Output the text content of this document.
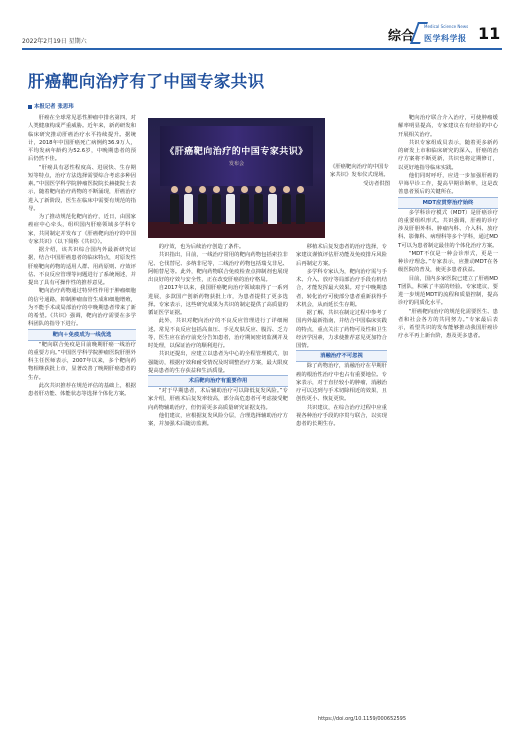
2022年2月19日 星期六	综合
Medical Science News
医学科学报 11
肝癌靶向治疗有了中国专家共识
本报记者 张思玮

肝癌在全球常见恶性肿瘤中排名第四，对人类健康构成严重威胁。近年来，新药研发和临床研究推动肝癌治疗水平持续提升。据统计，2018年中国肝癌死亡病例约36.9万人，平均发病年龄约为52.6岁，中晚期患者的预后仍然不佳。

“肝癌具有恶性程度高、进展快、生存期短等特点，治疗方法选择需要综合考虑多种因素。”中国医学科学院肿瘤医院院长赫捷院士表示，随着靶向治疗药物的不断涌现，肝癌治疗进入了新阶段，医生在临床中需要有规范的指导。

为了推动规范化靶向治疗，近日，由国家癌症中心牵头，组织国内肝癌领域多学科专家，共同制定并发布了《肝癌靶向治疗的中国专家共识》（以下简称《共识》）。

据介绍，该共识综合国内外最新研究证据，结合中国肝癌患者的临床特点，对原发性肝癌靶向药物的适用人群、用药原则、疗效评估、不良反应管理等问题进行了系统阐述，并提出了具有可操作性的推荐意见。

靶向治疗药物通过特异性作用于肿瘤细胞的信号通路，抑制肿瘤血管生成和细胞增殖，为不能手术或局部治疗的中晚期患者带来了新的希望。《共识》强调，靶向治疗需要在多学科团队的指导下进行。

靶向＋免疫成为一线优选

“靶向联合免疫是目前晚期肝癌一线治疗的重要方向。”中国医学科学院肿瘤医院肝胆外科主任医师表示，2007年以来，多个靶向药物相继获批上市，显著改善了晚期肝癌患者的生存。

此次共识推荐在规范评估的基础上，根据患者肝功能、体能状态等选择个体化方案。

《肝癌靶向治疗的中国专家共识》
发布会	《肝癌靶向治疗的中国专家共识》发布仪式现场。
受访者供图

的疗效，也为后续治疗创造了条件。

共识指出，目前，一线治疗常用的靶向药物包括索拉非尼、仑伐替尼、多纳非尼等，二线治疗药物包括瑞戈非尼、阿帕替尼等。此外，靶向药物联合免疫检查点抑制剂也展现出良好的疗效与安全性，正在改变肝癌的治疗格局。

自2017年以来，我国肝癌靶向治疗领域取得了一系列进展，多款国产创新药物获批上市，为患者提供了更多选择。专家表示，这些研究成果为共识的制定提供了高质量的循证医学证据。

此外，共识对靶向治疗的不良反应管理进行了详细阐述。常见不良反应包括高血压、手足皮肤反应、腹泻、乏力等，医生应在治疗前充分告知患者，治疗期间密切监测并及时处理，以保证治疗的顺利进行。

共识还提出，应建立以患者为中心的全程管理模式，加强随访，根据疗效和耐受情况及时调整治疗方案，最大限度提高患者的生存获益和生活质量。

术后靶向治疗有重要作用

“对于早期患者，术后辅助治疗可以降低复发风险。”专家介绍，肝癌术后复发率较高，部分高危患者可考虑接受靶向药物辅助治疗，但仍需更多高质量研究证据支持。

他们建议，应根据复发风险分层，合理选择辅助治疗方案，并加强术后随访监测。

移植术后复发患者的治疗选择，专家建议谨慎评估肝功能及免疫排斥风险后再制定方案。

多学科专家认为，靶向治疗需与手术、介入、放疗等局部治疗手段有机结合，才能发挥最大效果。对于中晚期患者，转化治疗可使部分患者重新获得手术机会，从而延长生存期。

据了解，共识在制定过程中参考了国内外最新指南，并结合中国临床实践的特点，重点关注了药物可及性和卫生经济学因素，力求使推荐意见更加符合国情。

消融治疗不可忽视

除了药物治疗，消融治疗在早期肝癌的根治性治疗中也占有重要地位。专家表示，对于直径较小的肿瘤，消融治疗可以达到与手术切除相近的效果，且创伤更小、恢复更快。

共识建议，在综合治疗过程中应重视各种治疗手段的序贯与联合，以实现患者的长期生存。

靶向治疗联合介入治疗，可使肿瘤缓解率明显提高，专家建议在有经验的中心开展相关治疗。

共识专家组成员表示，随着更多新药的研发上市和临床研究的深入，肝癌的治疗方案将不断更新，共识也将定期修订，以更好地指导临床实践。

他们同时呼吁，应进一步加强肝癌的早筛早诊工作，提高早期诊断率，这是改善患者预后的关键所在。

MDT应贯穿治疗始终

多学科诊疗模式（MDT）是肝癌诊疗的重要组织形式。共识强调，肝癌的诊疗涉及肝胆外科、肿瘤内科、介入科、放疗科、影像科、病理科等多个学科，通过MDT可以为患者制定最佳的个体化治疗方案。

“MDT不仅是一种会诊形式，更是一种诊疗理念。”专家表示，应推动MDT在各级医院的普及，使更多患者获益。

目前，国内多家医院已建立了肝癌MDT团队，积累了丰富的经验。专家建议，要进一步规范MDT的流程和质量控制，提高诊疗的同质化水平。

“肝癌靶向治疗的规范化需要医生、患者和社会各方的共同努力。”专家最后表示，希望共识的发布能够推动我国肝癌诊疗水平再上新台阶，惠及更多患者。

https://doi.org/10.1159/000652595
